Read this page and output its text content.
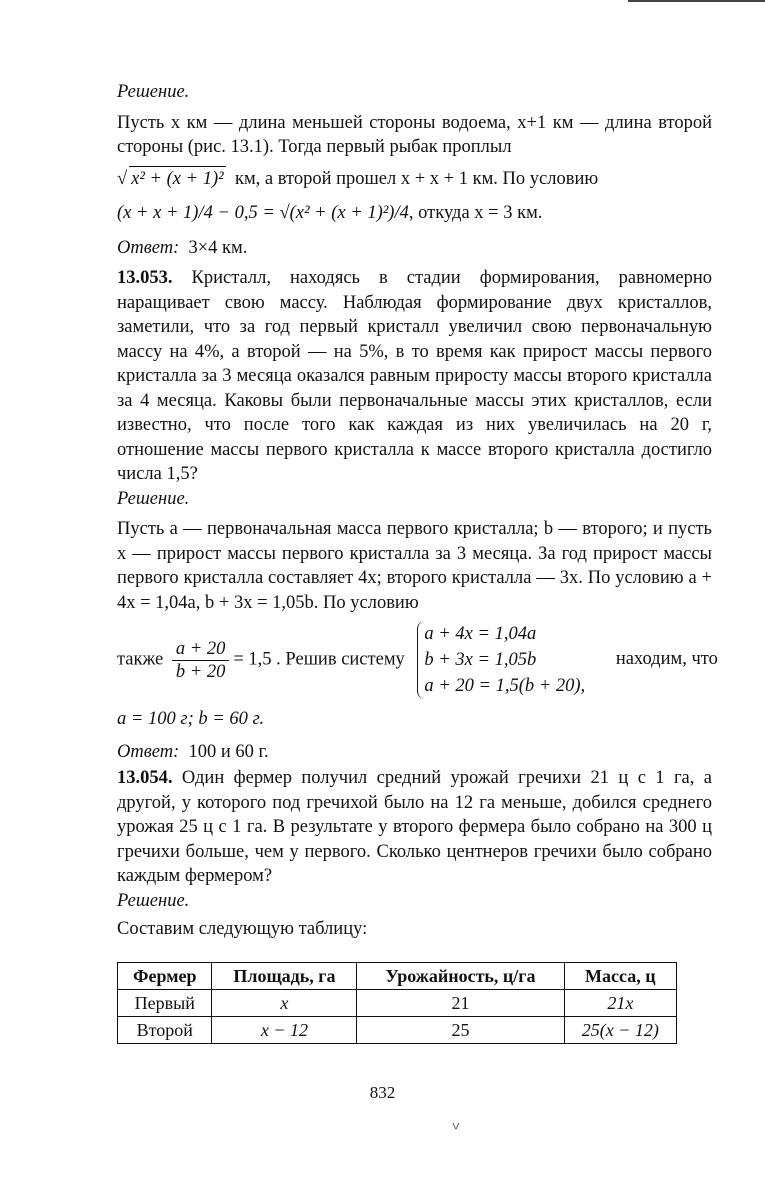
Решение.

Пусть x км — длина меньшей стороны водоема, x+1 км — длина второй стороны (рис. 13.1). Тогда первый рыбак проплыл

√ x² + (x + 1)² км, а второй прошел x + x + 1 км. По условию
(x + x + 1)/4 − 0,5 = √(x² + (x + 1)²)/4, откуда x = 3 км.
Ответ: 3×4 км.

13.053. Кристалл, находясь в стадии формирования, равномерно наращивает свою массу. Наблюдая формирование двух кристаллов, заметили, что за год первый кристалл увеличил свою первоначальную массу на 4%, а второй — на 5%, в то время как прирост массы первого кристалла за 3 месяца оказался равным приросту массы второго кристалла за 4 месяца. Каковы были первоначальные массы этих кристаллов, если известно, что после того как каждая из них увеличилась на 20 г, отношение массы первого кристалла к массе второго кристалла достигло числа 1,5?

Решение.

Пусть a — первоначальная масса первого кристалла; b — второго; и пусть x — прирост массы первого кристалла за 3 месяца. За год прирост массы первого кристалла составляет 4x; второго кристалла — 3x. По условию a + 4x = 1,04a, b + 3x = 1,05b. По условию

также $\frac{a + 20}{b + 20} = 1,5$ . Решив систему
a + 4x = 1,04a
b + 3x = 1,05b
a + 20 = 1,5(b + 20),
находим, что
a = 100 г; b = 60 г.
Ответ: 100 и 60 г.

13.054. Один фермер получил средний урожай гречихи 21 ц с 1 га, а другой, у которого под гречихой было на 12 га меньше, добился среднего урожая 25 ц с 1 га. В результате у второго фермера было собрано на 300 ц гречихи больше, чем у первого. Сколько центнеров гречихи было собрано каждым фермером?

Решение.
Составим следующую таблицу:
Фермер	Площадь, га	Урожайность, ц/га	Масса, ц
Первый	x	21	21x
Второй	x − 12	25	25(x − 12)
832
˅
